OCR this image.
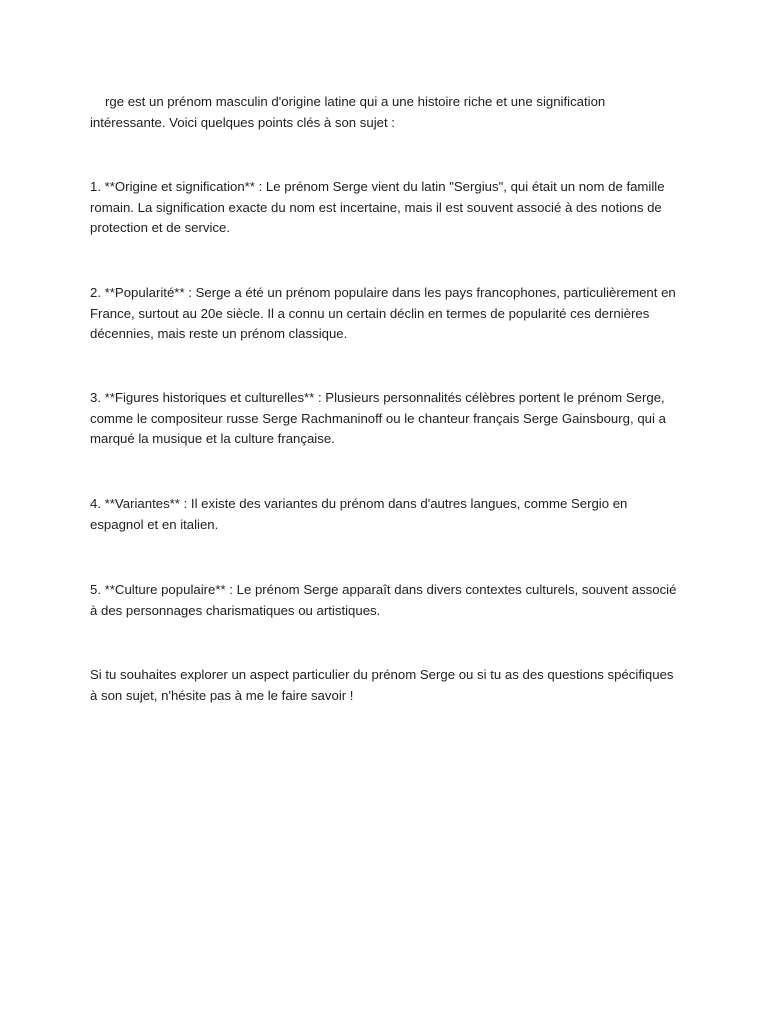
rge est un prénom masculin d'origine latine qui a une histoire riche et une signification intéressante. Voici quelques points clés à son sujet :

1. **Origine et signification** : Le prénom Serge vient du latin "Sergius", qui était un nom de famille romain. La signification exacte du nom est incertaine, mais il est souvent associé à des notions de protection et de service.

2. **Popularité** : Serge a été un prénom populaire dans les pays francophones, particulièrement en France, surtout au 20e siècle. Il a connu un certain déclin en termes de popularité ces dernières décennies, mais reste un prénom classique.

3. **Figures historiques et culturelles** : Plusieurs personnalités célèbres portent le prénom Serge, comme le compositeur russe Serge Rachmaninoff ou le chanteur français Serge Gainsbourg, qui a marqué la musique et la culture française.

4. **Variantes** : Il existe des variantes du prénom dans d'autres langues, comme Sergio en espagnol et en italien.

5. **Culture populaire** : Le prénom Serge apparaît dans divers contextes culturels, souvent associé à des personnages charismatiques ou artistiques.

Si tu souhaites explorer un aspect particulier du prénom Serge ou si tu as des questions spécifiques à son sujet, n'hésite pas à me le faire savoir !
